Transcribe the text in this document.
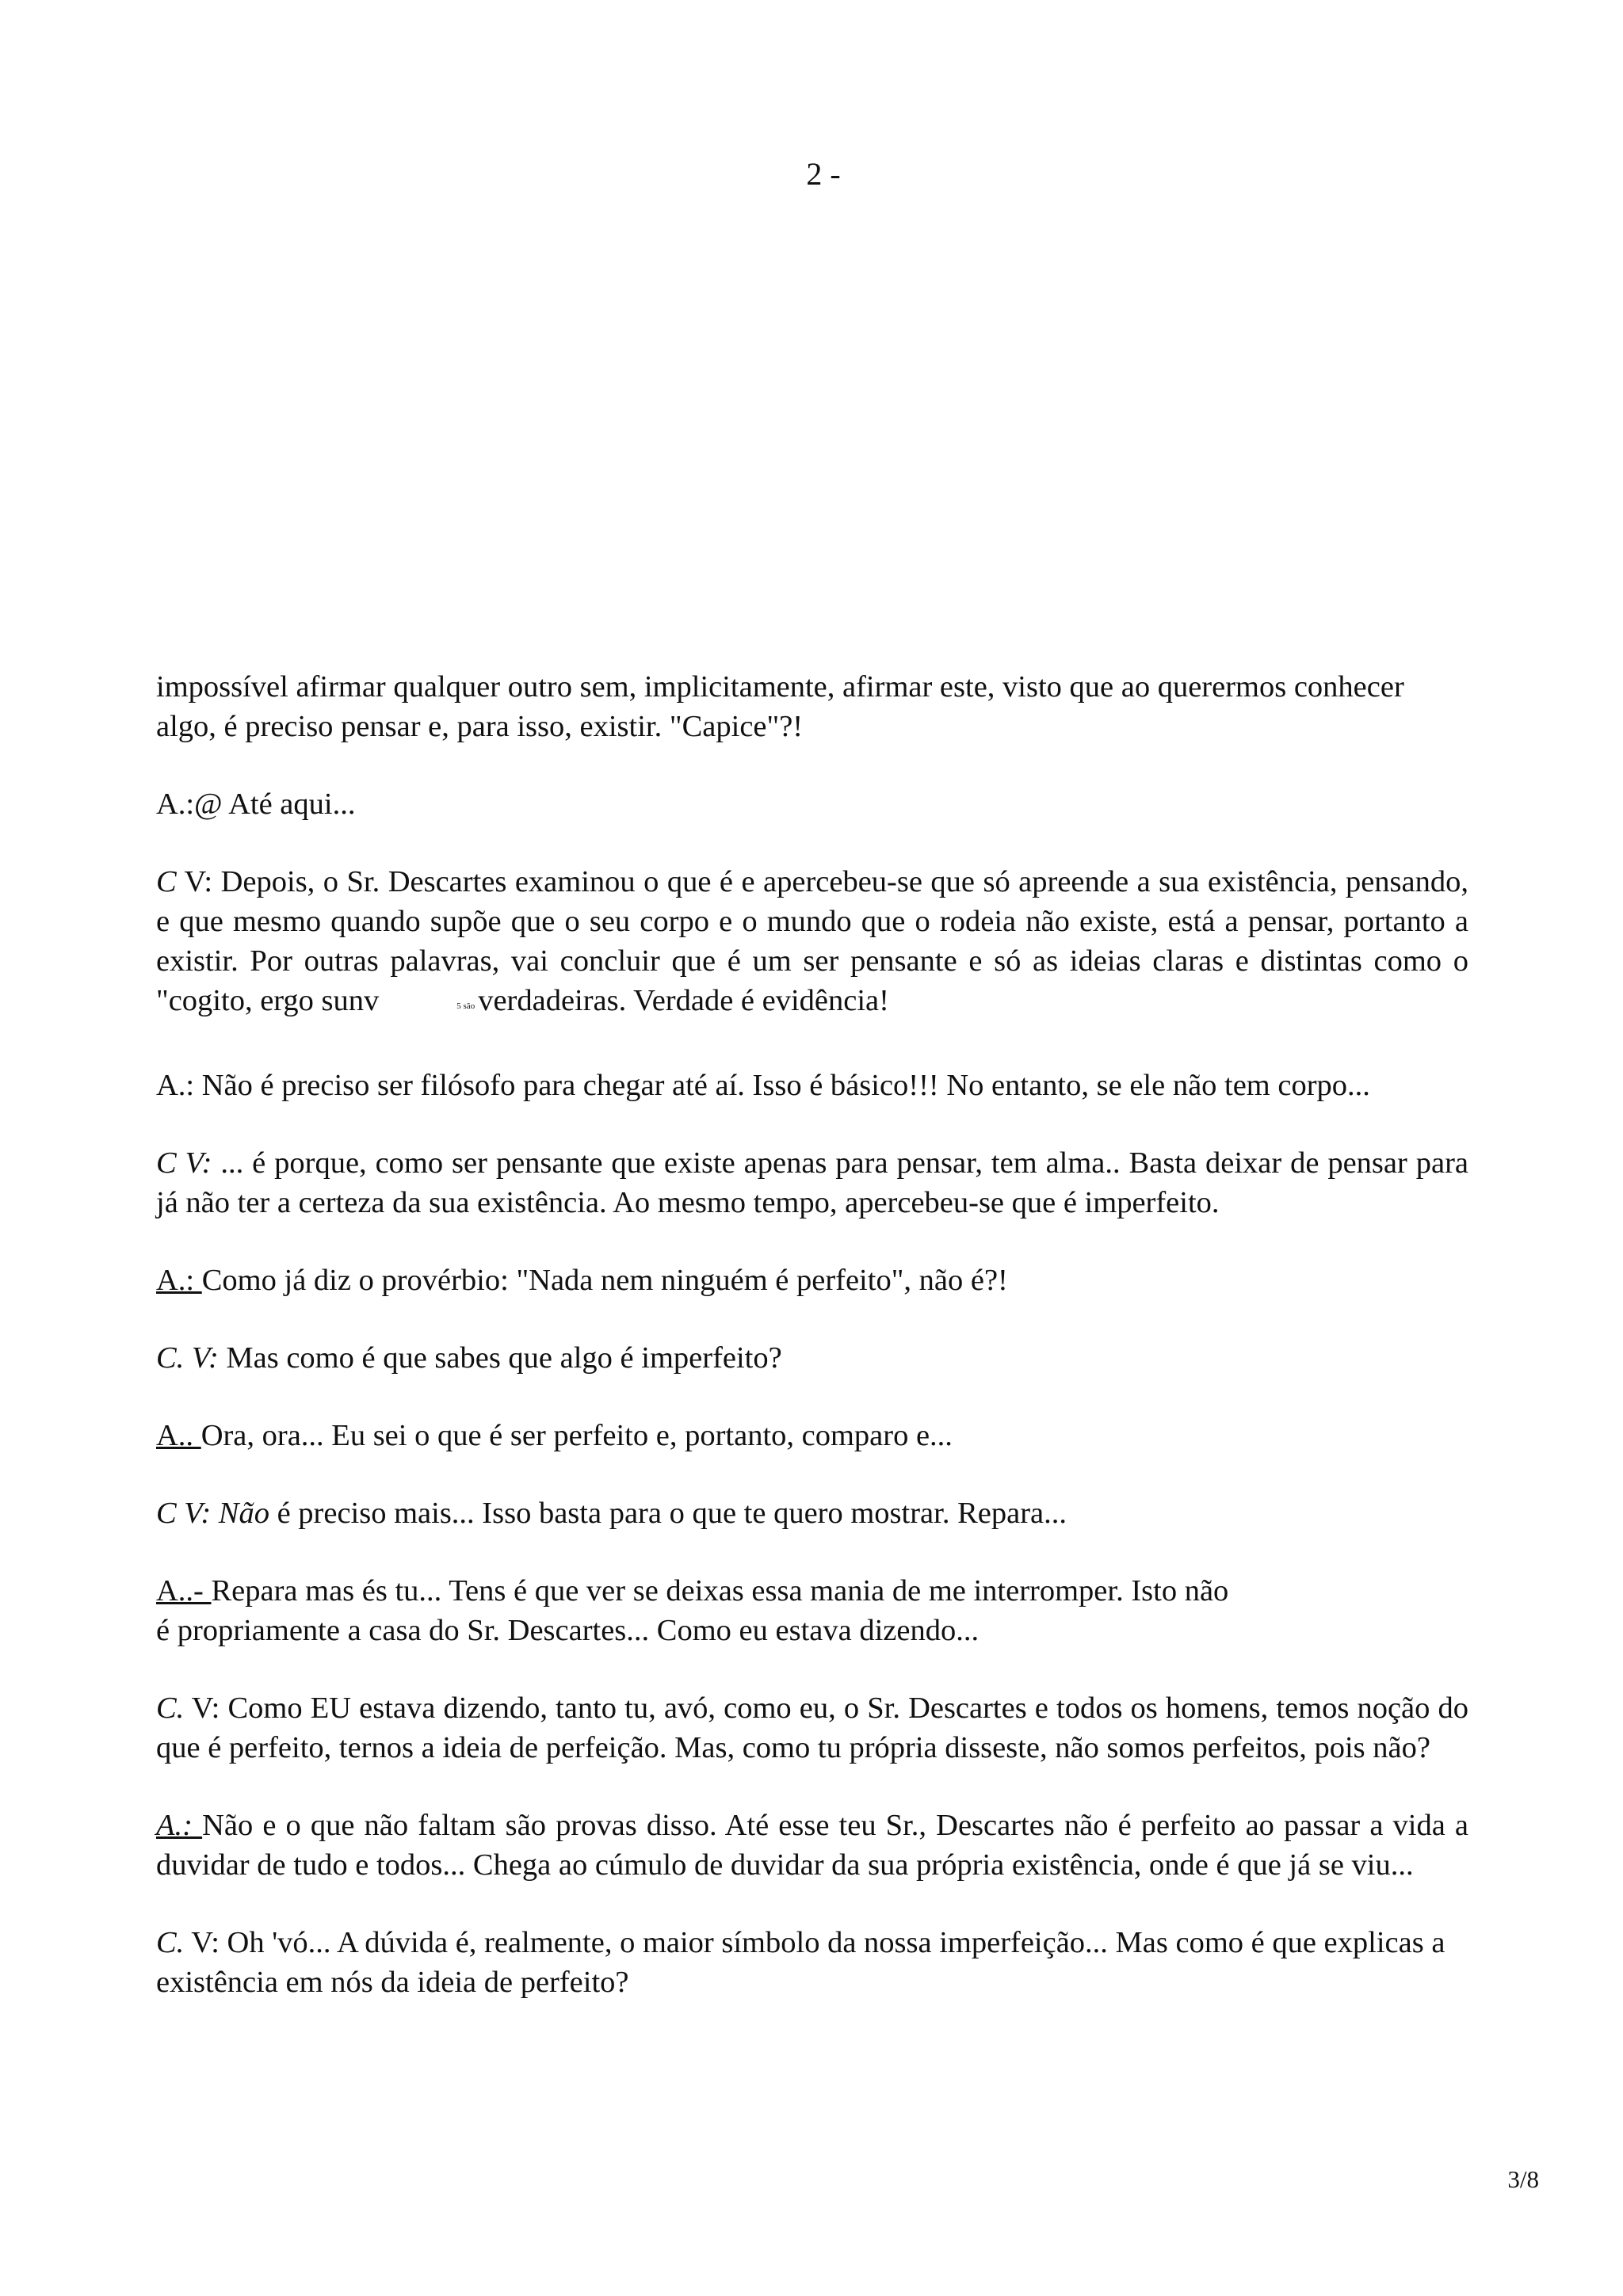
2 -

impossível afirmar qualquer outro sem, implicitamente, afirmar este, visto que ao querermos conhecer algo, é preciso pensar e, para isso, existir. "Capice"?!

A.:@ Até aqui...

C V: Depois, o Sr. Descartes examinou o que é e apercebeu-se que só apreende a sua existência, pensando, e que mesmo quando supõe que o seu corpo e o mundo que o rodeia não existe, está a pensar, portanto a existir. Por outras palavras, vai concluir que é um ser pensante e só as ideias claras e distintas como o "cogito, ergo sunv	5 são verdadeiras. Verdade é evidência!

A.: Não é preciso ser filósofo para chegar até aí. Isso é básico!!! No entanto, se ele não tem corpo...

C V: ... é porque, como ser pensante que existe apenas para pensar, tem alma.. Basta deixar de pensar para já não ter a certeza da sua existência. Ao mesmo tempo, apercebeu-se que é imperfeito.

A.: Como já diz o provérbio: "Nada nem ninguém é perfeito", não é?!

C. V: Mas como é que sabes que algo é imperfeito?

A.. Ora, ora... Eu sei o que é ser perfeito e, portanto, comparo e...

C V: Não é preciso mais... Isso basta para o que te quero mostrar. Repara...

A..- Repara mas és tu... Tens é que ver se deixas essa mania de me interromper. Isto não
é propriamente a casa do Sr. Descartes... Como eu estava dizendo...

C. V: Como EU estava dizendo, tanto tu, avó, como eu, o Sr. Descartes e todos os homens, temos noção do que é perfeito, ternos a ideia de perfeição. Mas, como tu própria disseste, não somos perfeitos, pois não?

A.: Não e o que não faltam são provas disso. Até esse teu Sr., Descartes não é perfeito ao passar a vida a duvidar de tudo e todos... Chega ao cúmulo de duvidar da sua própria existência, onde é que já se viu...

C. V: Oh 'vó... A dúvida é, realmente, o maior símbolo da nossa imperfeição... Mas como é que explicas a existência em nós da ideia de perfeito?

3/8
